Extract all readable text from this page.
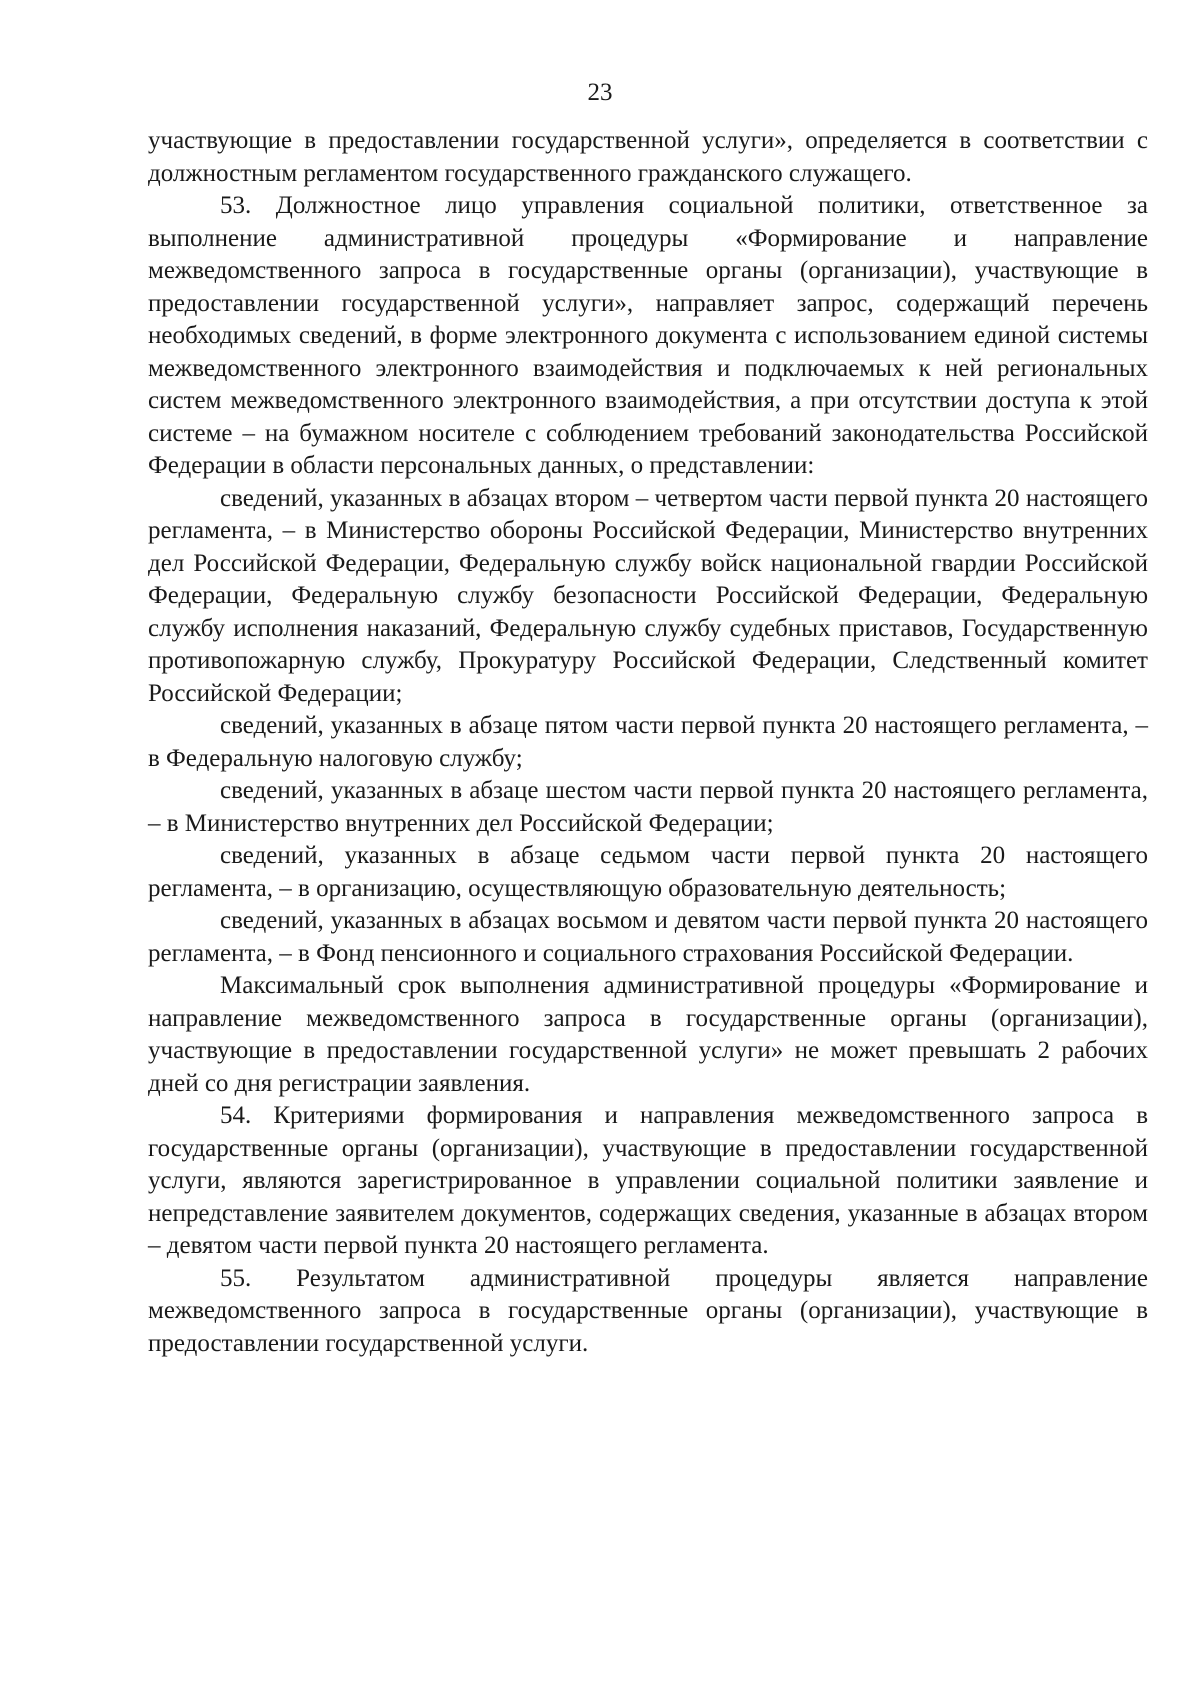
23

участвующие в предоставлении государственной услуги», определяется в соответствии с должностным регламентом государственного гражданского служащего.

53. Должностное лицо управления социальной политики, ответственное за выполнение административной процедуры «Формирование и направление межведомственного запроса в государственные органы (организации), участвующие в предоставлении государственной услуги», направляет запрос, содержащий перечень необходимых сведений, в форме электронного документа с использованием единой системы межведомственного электронного взаимодействия и подключаемых к ней региональных систем межведомственного электронного взаимодействия, а при отсутствии доступа к этой системе – на бумажном носителе с соблюдением требований законодательства Российской Федерации в области персональных данных, о представлении:

сведений, указанных в абзацах втором – четвертом части первой пункта 20 настоящего регламента, – в Министерство обороны Российской Федерации, Министерство внутренних дел Российской Федерации, Федеральную службу войск национальной гвардии Российской Федерации, Федеральную службу безопасности Российской Федерации, Федеральную службу исполнения наказаний, Федеральную службу судебных приставов, Государственную противопожарную службу, Прокуратуру Российской Федерации, Следственный комитет Российской Федерации;

сведений, указанных в абзаце пятом части первой пункта 20 настоящего регламента, – в Федеральную налоговую службу;

сведений, указанных в абзаце шестом части первой пункта 20 настоящего регламента, – в Министерство внутренних дел Российской Федерации;

сведений, указанных в абзаце седьмом части первой пункта 20 настоящего регламента, – в организацию, осуществляющую образовательную деятельность;

сведений, указанных в абзацах восьмом и девятом части первой пункта 20 настоящего регламента, – в Фонд пенсионного и социального страхования Российской Федерации.

Максимальный срок выполнения административной процедуры «Формирование и направление межведомственного запроса в государственные органы (организации), участвующие в предоставлении государственной услуги» не может превышать 2 рабочих дней со дня регистрации заявления.

54. Критериями формирования и направления межведомственного запроса в государственные органы (организации), участвующие в предоставлении государственной услуги, являются зарегистрированное в управлении социальной политики заявление и непредставление заявителем документов, содержащих сведения, указанные в абзацах втором – девятом части первой пункта 20 настоящего регламента.

55. Результатом административной процедуры является направление межведомственного запроса в государственные органы (организации), участвующие в предоставлении государственной услуги.
